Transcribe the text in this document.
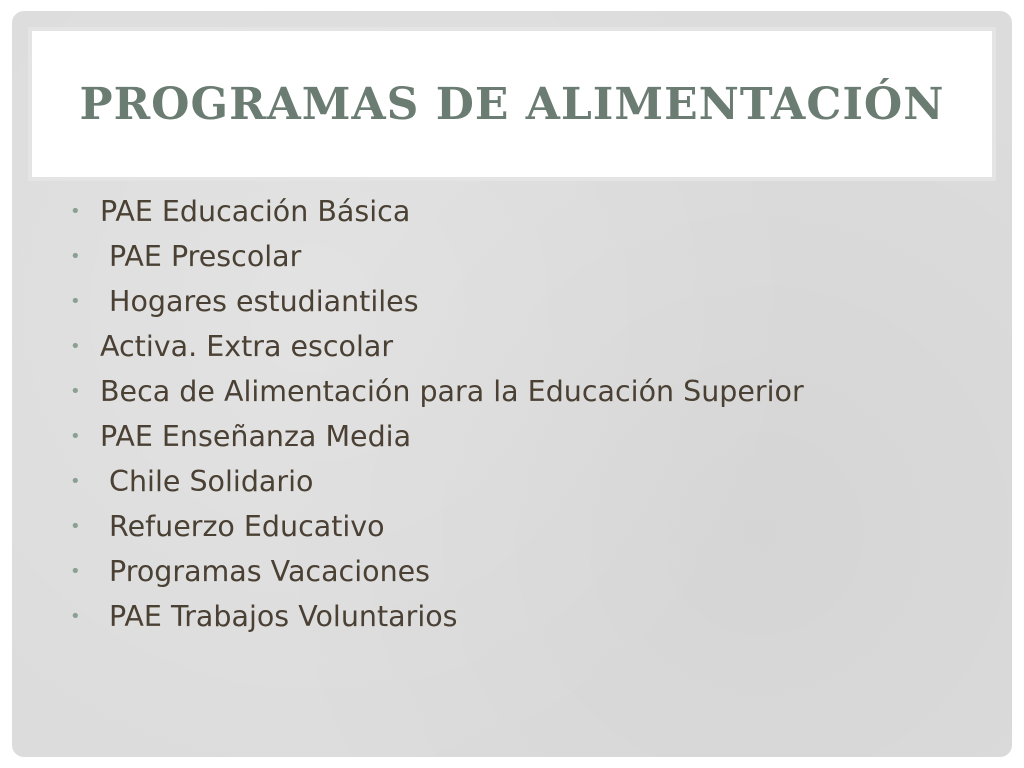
PROGRAMAS DE ALIMENTACIÓN
• PAE Educación Básica
• PAE Prescolar
• Hogares estudiantiles
• Activa. Extra escolar
• Beca de Alimentación para la Educación Superior
• PAE Enseñanza Media
• Chile Solidario
• Refuerzo Educativo
• Programas Vacaciones
• PAE Trabajos Voluntarios
